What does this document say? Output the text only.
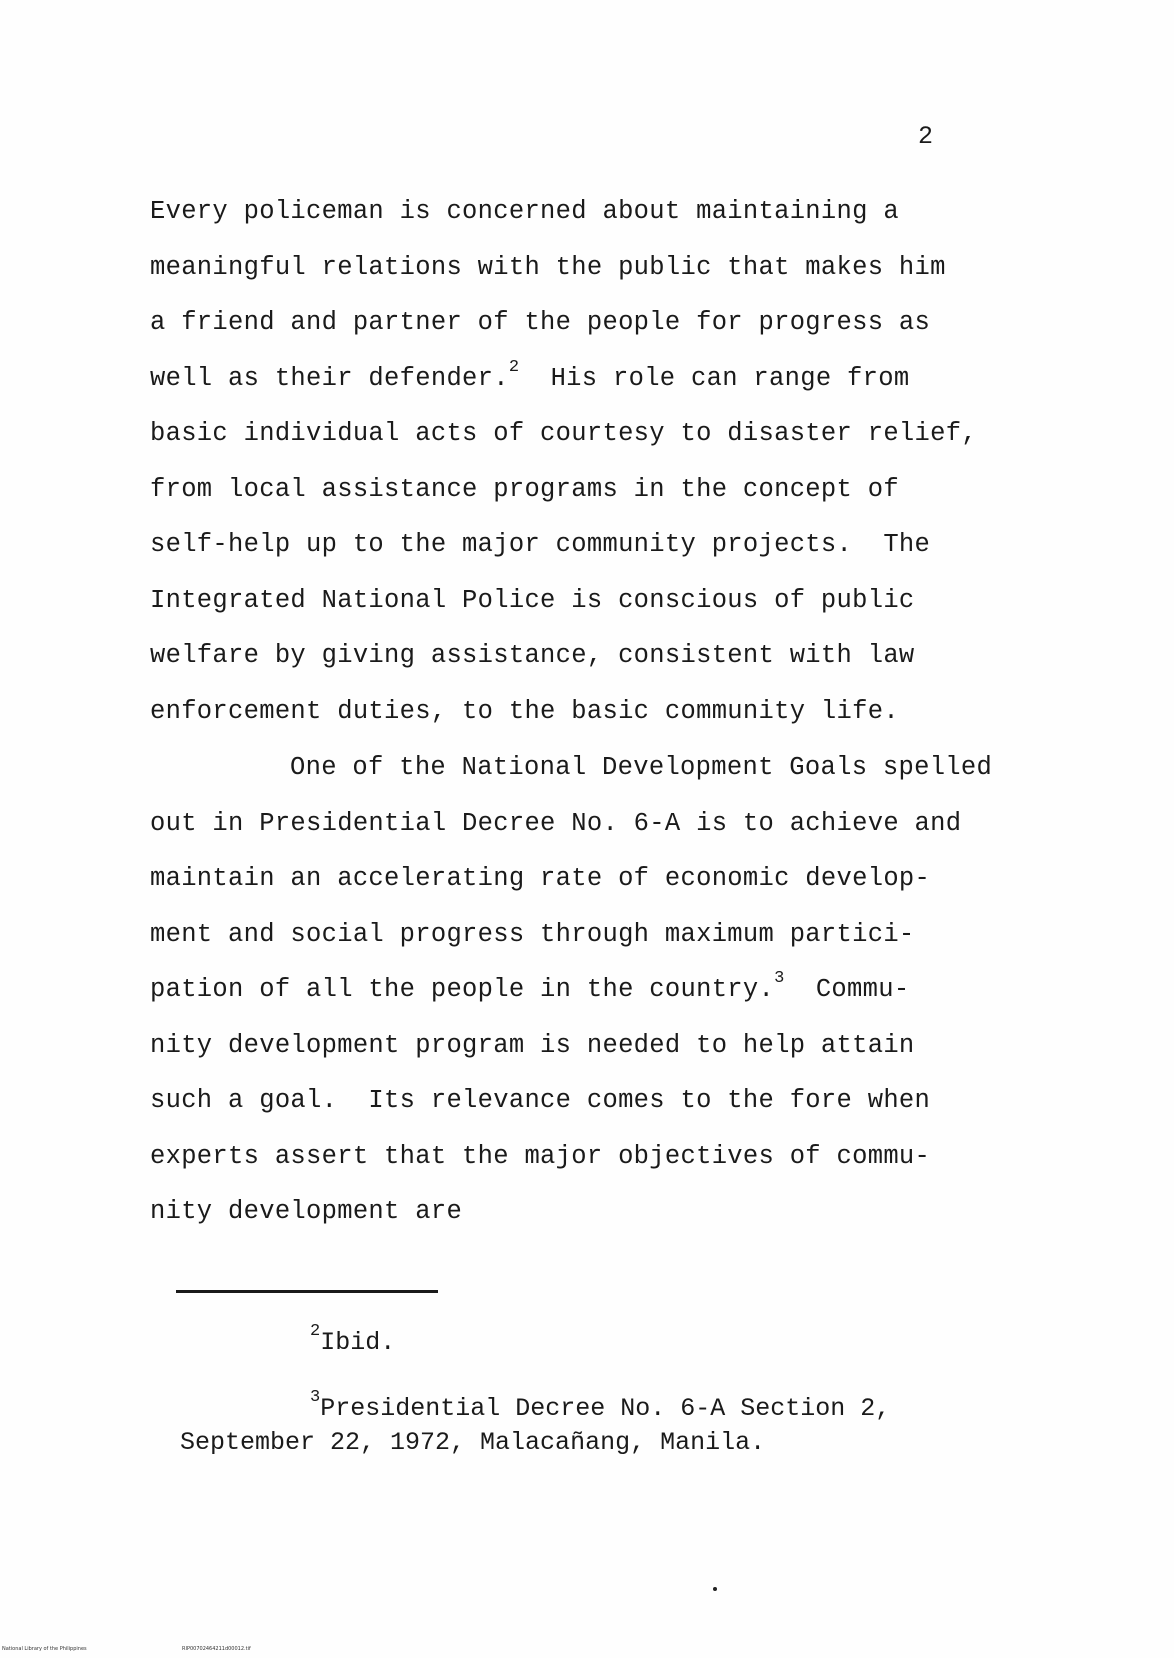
2
Every policeman is concerned about maintaining a
meaningful relations with the public that makes him
a friend and partner of the people for progress as
well as their defender.$^2$  His role can range from
basic individual acts of courtesy to disaster relief,
from local assistance programs in the concept of
self-help up to the major community projects.  The
Integrated National Police is conscious of public
welfare by giving assistance, consistent with law
enforcement duties, to the basic community life.
One of the National Development Goals spelled
out in Presidential Decree No. 6-A is to achieve and
maintain an accelerating rate of economic develop-
ment and social progress through maximum partici-
pation of all the people in the country.$^3$  Commu-
nity development program is needed to help attain
such a goal.  Its relevance comes to the fore when
experts assert that the major objectives of commu-
nity development are
$^2$Ibid.
$^3$Presidential Decree No. 6-A Section 2,
September 22, 1972, Malacañang, Manila.
National Library of the Philippines	RIP00702464211d00012.tif
